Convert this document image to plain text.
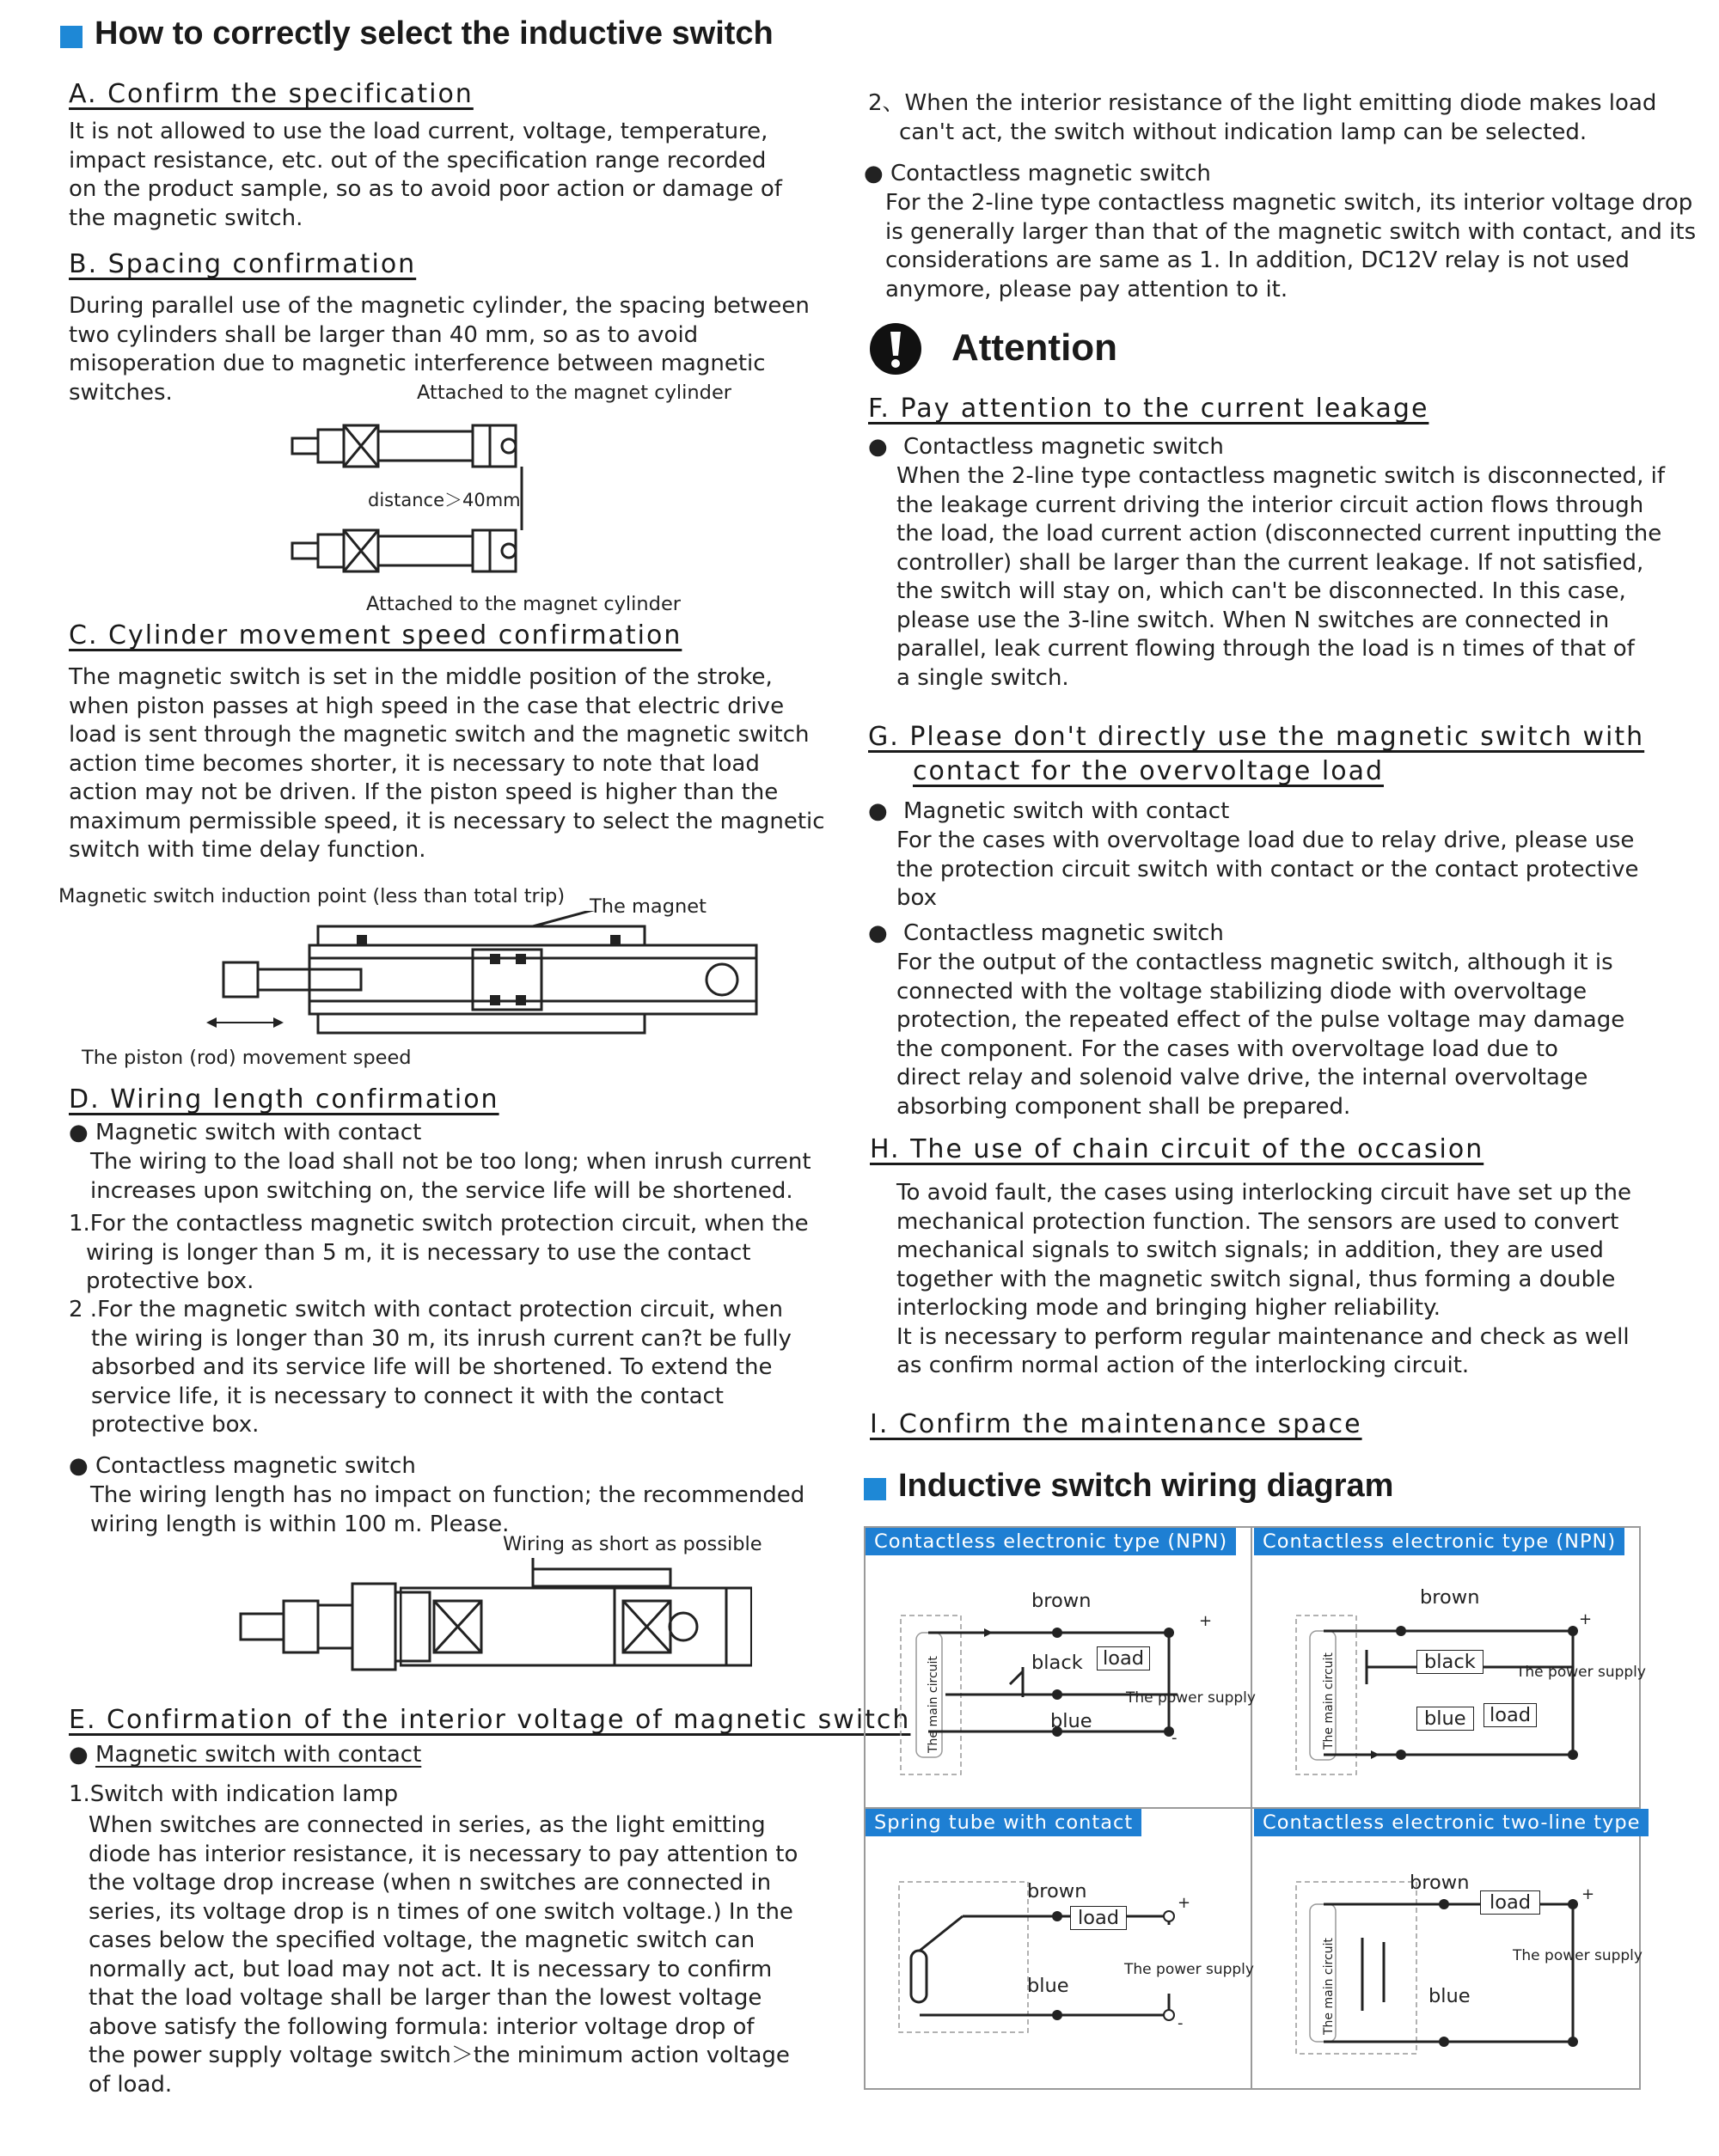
How to correctly select the inductive switch
A. Confirm the specification
It is not allowed to use the load current, voltage, temperature,
impact resistance, etc. out of the specification range recorded
on the product sample, so as to avoid poor action or damage of
the magnetic switch.
B. Spacing confirmation
During parallel use of the magnetic cylinder, the spacing between
two cylinders shall be larger than 40 mm, so as to avoid
misoperation due to magnetic interference between magnetic
switches.	Attached to the magnet cylinder
distance＞40mm
Attached to the magnet cylinder
C. Cylinder movement speed confirmation
The magnetic switch is set in the middle position of the stroke,
when piston passes at high speed in the case that electric drive
load is sent through the magnetic switch and the magnetic switch
action time becomes shorter, it is necessary to note that load
action may not be driven. If the piston speed is higher than the
maximum permissible speed, it is necessary to select the magnetic
switch with time delay function.
Magnetic switch induction point (less than total trip) The magnet
The piston (rod) movement speed
D. Wiring length confirmation
● Magnetic switch with contact
The wiring to the load shall not be too long; when inrush current
increases upon switching on, the service life will be shortened.
1.For the contactless magnetic switch protection circuit, when the
wiring is longer than 5 m, it is necessary to use the contact
protective box.
2 .For the magnetic switch with contact protection circuit, when
the wiring is longer than 30 m, its inrush current can?t be fully
absorbed and its service life will be shortened. To extend the
service life, it is necessary to connect it with the contact
protective box.
● Contactless magnetic switch
The wiring length has no impact on function; the recommended
wiring length is within 100 m. Please.
Wiring as short as possible
E. Confirmation of the interior voltage of magnetic switch
● Magnetic switch with contact
1.Switch with indication lamp
When switches are connected in series, as the light emitting
diode has interior resistance, it is necessary to pay attention to
the voltage drop increase (when n switches are connected in
series, its voltage drop is n times of one switch voltage.) In the
cases below the specified voltage, the magnetic switch can
normally act, but load may not act. It is necessary to confirm
that the load voltage shall be larger than the lowest voltage
above satisfy the following formula: interior voltage drop of
the power supply voltage switch＞the minimum action voltage
of load.
2、When the interior resistance of the light emitting diode makes load
can't act, the switch without indication lamp can be selected.
● Contactless magnetic switch
For the 2-line type contactless magnetic switch, its interior voltage drop
is generally larger than that of the magnetic switch with contact, and its
considerations are same as 1. In addition, DC12V relay is not used
anymore, please pay attention to it.
Attention
F. Pay attention to the current leakage
● Contactless magnetic switch
When the 2-line type contactless magnetic switch is disconnected, if
the leakage current driving the interior circuit action flows through
the load, the load current action (disconnected current inputting the
controller) shall be larger than the current leakage. If not satisfied,
the switch will stay on, which can't be disconnected. In this case,
please use the 3-line switch. When N switches are connected in
parallel, leak current flowing through the load is n times of that of
a single switch.
G. Please don't directly use the magnetic switch with
contact for the overvoltage load
● Magnetic switch with contact
For the cases with overvoltage load due to relay drive, please use
the protection circuit switch with contact or the contact protective
box
● Contactless magnetic switch
For the output of the contactless magnetic switch, although it is
connected with the voltage stabilizing diode with overvoltage
protection, the repeated effect of the pulse voltage may damage
the component. For the cases with overvoltage load due to
direct relay and solenoid valve drive, the internal overvoltage
absorbing component shall be prepared.
H. The use of chain circuit of the occasion
To avoid fault, the cases using interlocking circuit have set up the
mechanical protection function. The sensors are used to convert
mechanical signals to switch signals; in addition, they are used
together with the magnetic switch signal, thus forming a double
interlocking mode and bringing higher reliability.
It is necessary to perform regular maintenance and check as well
as confirm normal action of the interlocking circuit.
I. Confirm the maintenance space
Inductive switch wiring diagram
Contactless electronic type (NPN)	Contactless electronic type (NPN)
Spring tube with contact	Contactless electronic two-line type
+
-
brown
black	load
The power supply
blue
The main circuit
+
brown
black	The power supply
blue	load
The main circuit
+
-
brown
load
The power supply
blue
+
brown
load
The power supply
blue
The main circuit
